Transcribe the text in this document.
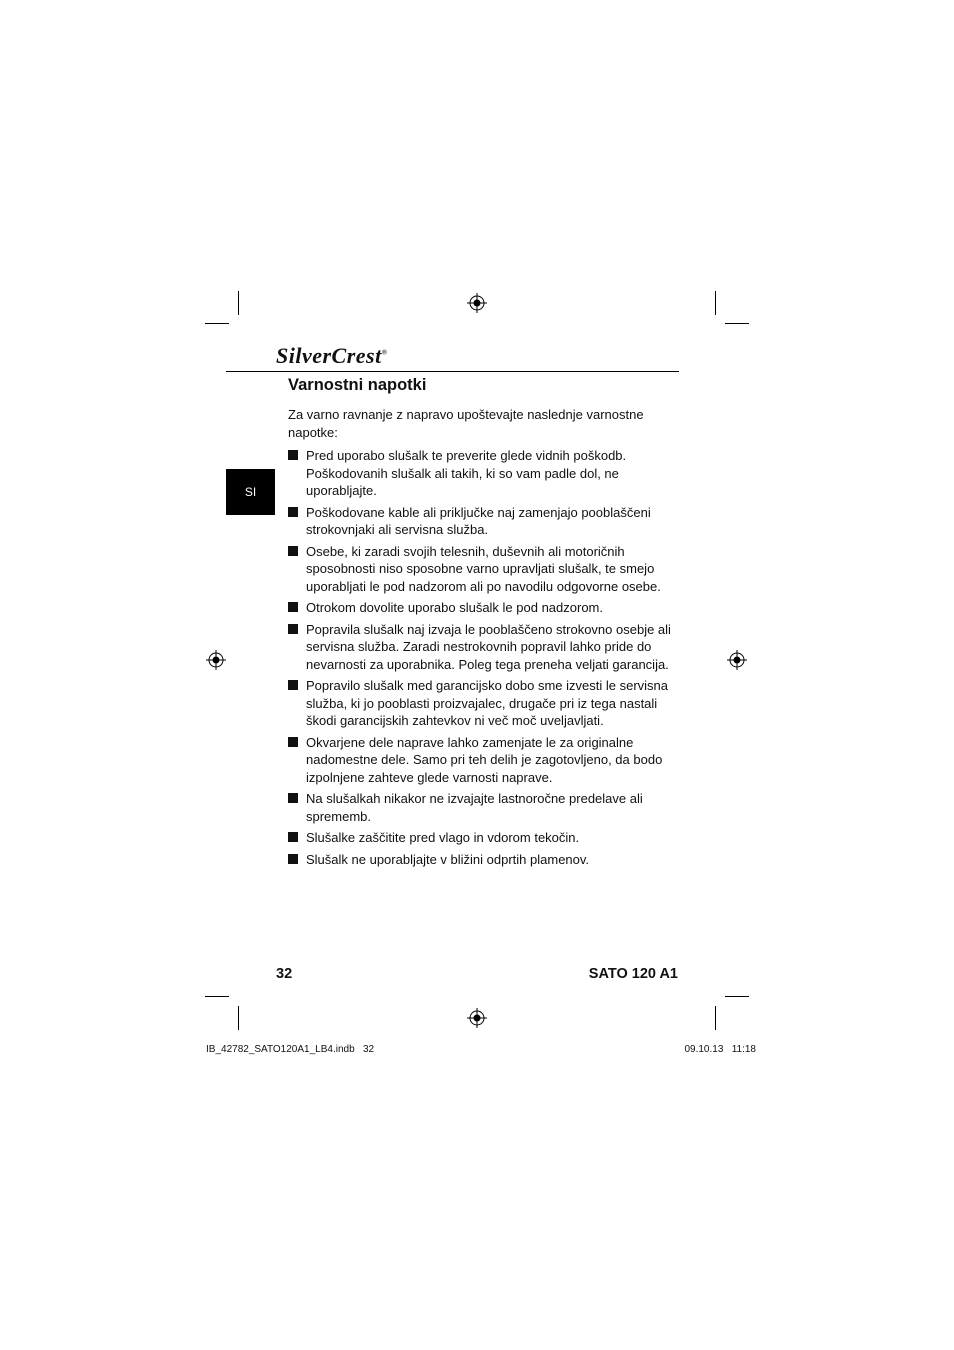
SilverCrest®
Varnostni napotki
SI
Za varno ravnanje z napravo upoštevajte naslednje varnostne napotke:
Pred uporabo slušalk te preverite glede vidnih poškodb. Poškodovanih slušalk ali takih, ki so vam padle dol, ne uporabljajte.
Poškodovane kable ali priključke naj zamenjajo pooblaščeni strokovnjaki ali servisna služba.
Osebe, ki zaradi svojih telesnih, duševnih ali motoričnih sposobnosti niso sposobne varno upravljati slušalk, te smejo uporabljati le pod nadzorom ali po navodilu odgovorne osebe.
Otrokom dovolite uporabo slušalk le pod nadzorom.
Popravila slušalk naj izvaja le pooblaščeno strokovno osebje ali servisna služba. Zaradi nestrokovnih popravil lahko pride do nevarnosti za uporabnika. Poleg tega preneha veljati garancija.
Popravilo slušalk med garancijsko dobo sme izvesti le servisna služba, ki jo pooblasti proizvajalec, drugače pri iz tega nastali škodi garancijskih zahtevkov ni več moč uveljavljati.
Okvarjene dele naprave lahko zamenjate le za originalne nadomestne dele. Samo pri teh delih je zagotovljeno, da bodo izpolnjene zahteve glede varnosti naprave.
Na slušalkah nikakor ne izvajajte lastnoročne predelave ali sprememb.
Slušalke zaščitite pred vlago in vdorom tekočin.
Slušalk ne uporabljajte v bližini odprtih plamenov.
32	SATO 120 A1
IB_42782_SATO120A1_LB4.indb   32	09.10.13   11:18
